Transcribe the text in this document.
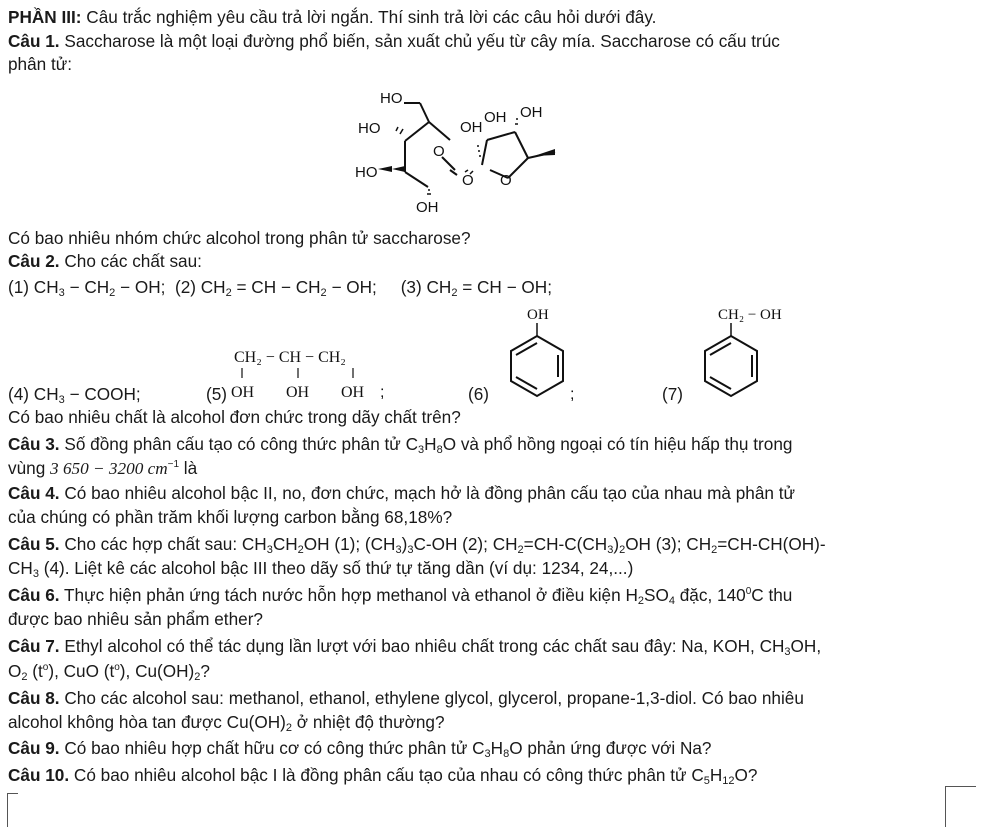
PHẦN III: Câu trắc nghiệm yêu cầu trả lời ngắn. Thí sinh trả lời các câu hỏi dưới đây.
Câu 1. Saccharose là một loại đường phổ biến, sản xuất chủ yếu từ cây mía. Saccharose có cấu trúc
phân tử:
HO
HO
HO
OH
O
O O
OH
OH OH
Có bao nhiêu nhóm chức alcohol trong phân tử saccharose?
Câu 2. Cho các chất sau:
(1) $CH_3 - CH_2$ − OH;  (2) $CH_2$ = CH − $CH_2$ − OH;     (3) $CH_2$ = CH − OH;
(4) $CH_3$ − COOH;	(5)
CH₂ − CH − CH₂
OH OH OH ;	(6)
OH
;	(7)
CH₂ − OH
Có bao nhiêu chất là alcohol đơn chức trong dãy chất trên?
Câu 3. Số đồng phân cấu tạo có công thức phân tử $C_3H_8O$ và phổ hồng ngoại có tín hiệu hấp thụ trong
vùng 3 650 − 3200 $cm^{-1}$ là
Câu 4. Có bao nhiêu alcohol bậc II, no, đơn chức, mạch hở là đồng phân cấu tạo của nhau mà phân tử
của chúng có phần trăm khối lượng carbon bằng 68,18%?
Câu 5. Cho các hợp chất sau: $CH_3CH_2OH$ (1); $(CH_3)_3C-OH$ (2); $CH_2=CH-C(CH_3)_2OH$ (3); $CH_2=CH-CH(OH)-$
$CH_3$ (4). Liệt kê các alcohol bậc III theo dãy số thứ tự tăng dần (ví dụ: 1234, 24,...)
Câu 6. Thực hiện phản ứng tách nước hỗn hợp methanol và ethanol ở điều kiện $H_2SO_4$ đặc, $140^0C$ thu
được bao nhiêu sản phẩm ether?
Câu 7. Ethyl alcohol có thể tác dụng lần lượt với bao nhiêu chất trong các chất sau đây: Na, KOH, $CH_3OH$,
$O_2$ $(t^o)$, CuO $(t^o)$, $Cu(OH)_2$?
Câu 8. Cho các alcohol sau: methanol, ethanol, ethylene glycol, glycerol, propane-1,3-diol. Có bao nhiêu
alcohol không hòa tan được $Cu(OH)_2$ ở nhiệt độ thường?
Câu 9. Có bao nhiêu hợp chất hữu cơ có công thức phân tử $C_3H_8O$ phản ứng được với Na?
Câu 10. Có bao nhiêu alcohol bậc I là đồng phân cấu tạo của nhau có công thức phân tử $C_5H_{12}O$?
